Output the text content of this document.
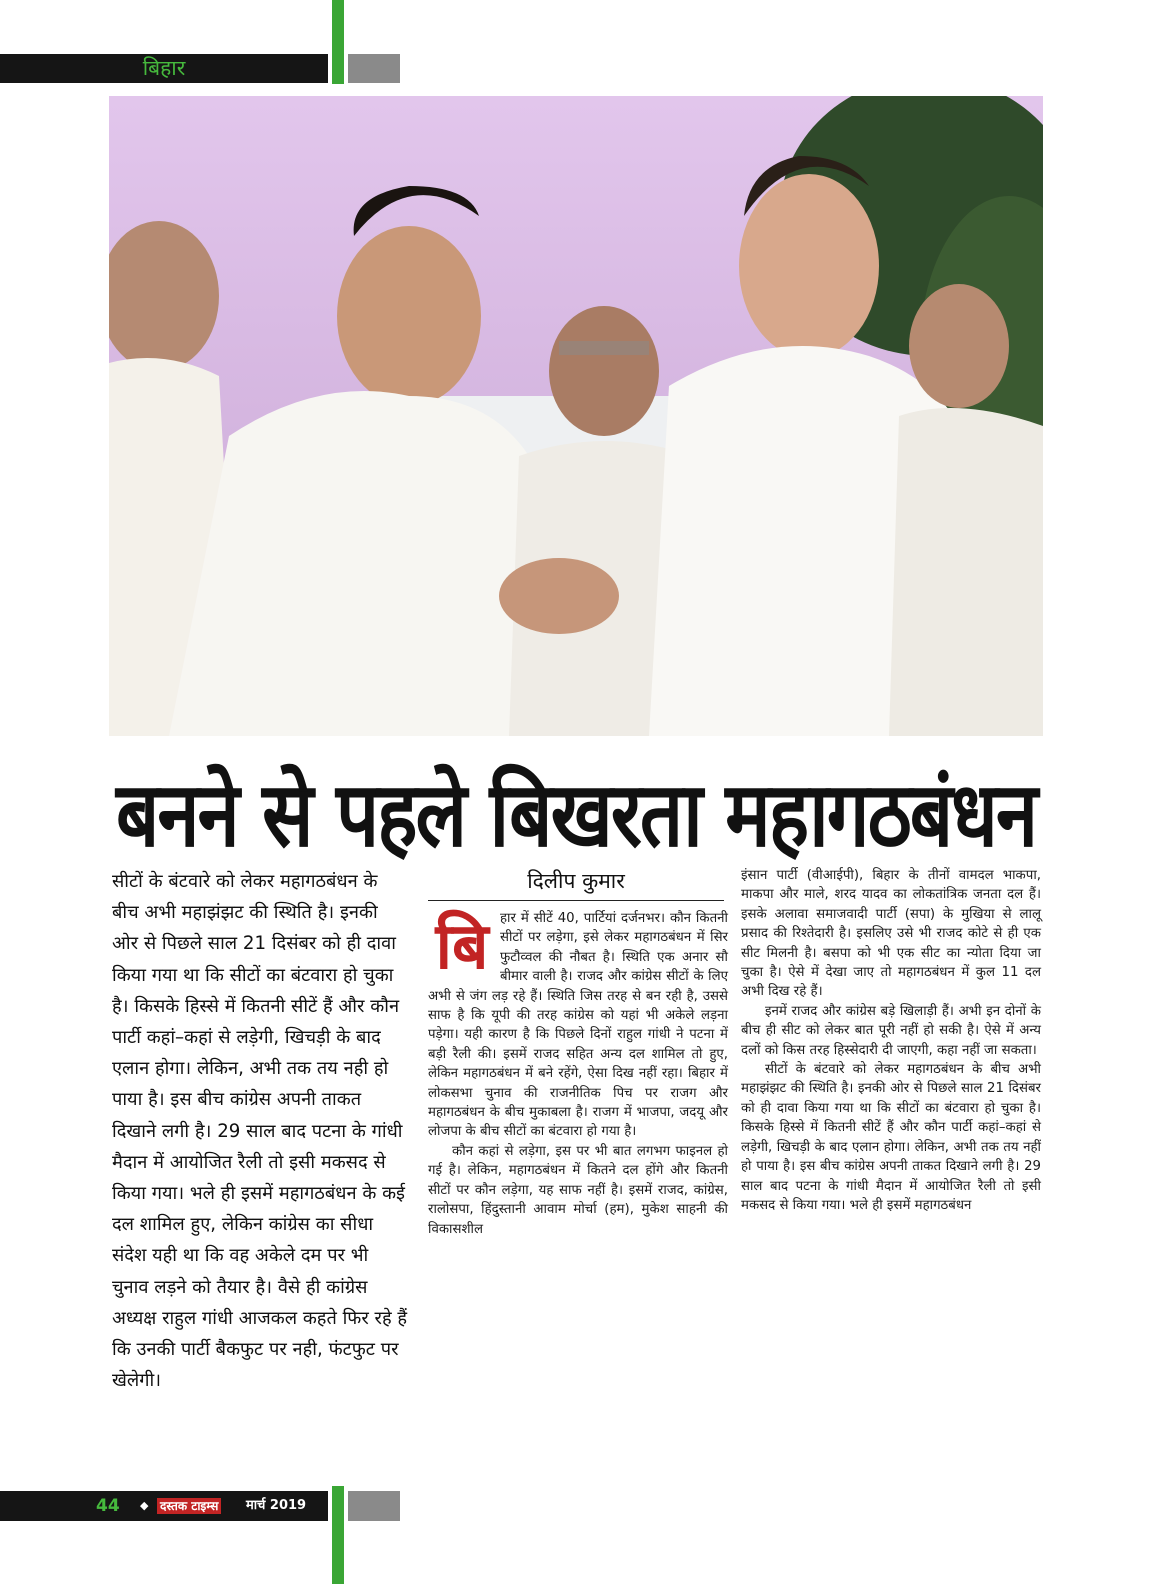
बिहार
बनने से पहले बिखरता महागठबंधन

सीटों के बंटवारे को लेकर महागठबंधन के बीच अभी महाझंझट की स्थिति है। इनकी ओर से पिछले साल 21 दिसंबर को ही दावा किया गया था कि सीटों का बंटवारा हो चुका है। किसके हिस्से में कितनी सीटें हैं और कौन पार्टी कहां–कहां से लड़ेगी, खिचड़ी के बाद एलान होगा। लेकिन, अभी तक तय नही हो पाया है। इस बीच कांग्रेस अपनी ताकत दिखाने लगी है। 29 साल बाद पटना के गांधी मैदान में आयोजित रैली तो इसी मकसद से किया गया। भले ही इसमें महागठबंधन के कई दल शामिल हुए, लेकिन कांग्रेस का सीधा संदेश यही था कि वह अकेले दम पर भी चुनाव लड़ने को तैयार है। वैसे ही कांग्रेस अध्यक्ष राहुल गांधी आजकल कहते फिर रहे हैं कि उनकी पार्टी बैकफुट पर नही, फंटफुट पर खेलेगी।

दिलीप कुमार
बि हार में सीटें 40, पार्टियां दर्जनभर। कौन कितनी सीटों पर लड़ेगा, इसे लेकर महागठबंधन में सिर फुटौव्वल की नौबत है। स्थिति एक अनार सौ बीमार वाली है। राजद और कांग्रेस सीटों के लिए अभी से जंग लड़ रहे हैं। स्थिति जिस तरह से बन रही है, उससे साफ है कि यूपी की तरह कांग्रेस को यहां भी अकेले लड़ना पड़ेगा। यही कारण है कि पिछले दिनों राहुल गांधी ने पटना में बड़ी रैली की। इसमें राजद सहित अन्य दल शामिल तो हुए, लेकिन महागठबंधन में बने रहेंगे, ऐसा दिख नहीं रहा। बिहार में लोकसभा चुनाव की राजनीतिक पिच पर राजग और महागठबंधन के बीच मुकाबला है। राजग में भाजपा, जदयू और लोजपा के बीच सीटों का बंटवारा हो गया है।

कौन कहां से लड़ेगा, इस पर भी बात लगभग फाइनल हो गई है। लेकिन, महागठबंधन में कितने दल होंगे और कितनी सीटों पर कौन लड़ेगा, यह साफ नहीं है। इसमें राजद, कांग्रेस, रालोसपा, हिंदुस्तानी आवाम मोर्चा (हम), मुकेश साहनी की विकासशील

इंसान पार्टी (वीआईपी), बिहार के तीनों वामदल भाकपा, माकपा और माले, शरद यादव का लोकतांत्रिक जनता दल हैं। इसके अलावा समाजवादी पार्टी (सपा) के मुखिया से लालू प्रसाद की रिश्तेदारी है। इसलिए उसे भी राजद कोटे से ही एक सीट मिलनी है। बसपा को भी एक सीट का न्योता दिया जा चुका है। ऐसे में देखा जाए तो महागठबंधन में कुल 11 दल अभी दिख रहे हैं।

इनमें राजद और कांग्रेस बड़े खिलाड़ी हैं। अभी इन दोनों के बीच ही सीट को लेकर बात पूरी नहीं हो सकी है। ऐसे में अन्य दलों को किस तरह हिस्सेदारी दी जाएगी, कहा नहीं जा सकता।

सीटों के बंटवारे को लेकर महागठबंधन के बीच अभी महाझंझट की स्थिति है। इनकी ओर से पिछले साल 21 दिसंबर को ही दावा किया गया था कि सीटों का बंटवारा हो चुका है। किसके हिस्से में कितनी सीटें हैं और कौन पार्टी कहां–कहां से लड़ेगी, खिचड़ी के बाद एलान होगा। लेकिन, अभी तक तय नहीं हो पाया है। इस बीच कांग्रेस अपनी ताकत दिखाने लगी है। 29 साल बाद पटना के गांधी मैदान में आयोजित रैली तो इसी मकसद से किया गया। भले ही इसमें महागठबंधन

44 ◆ दस्तक टाइम्स मार्च 2019
